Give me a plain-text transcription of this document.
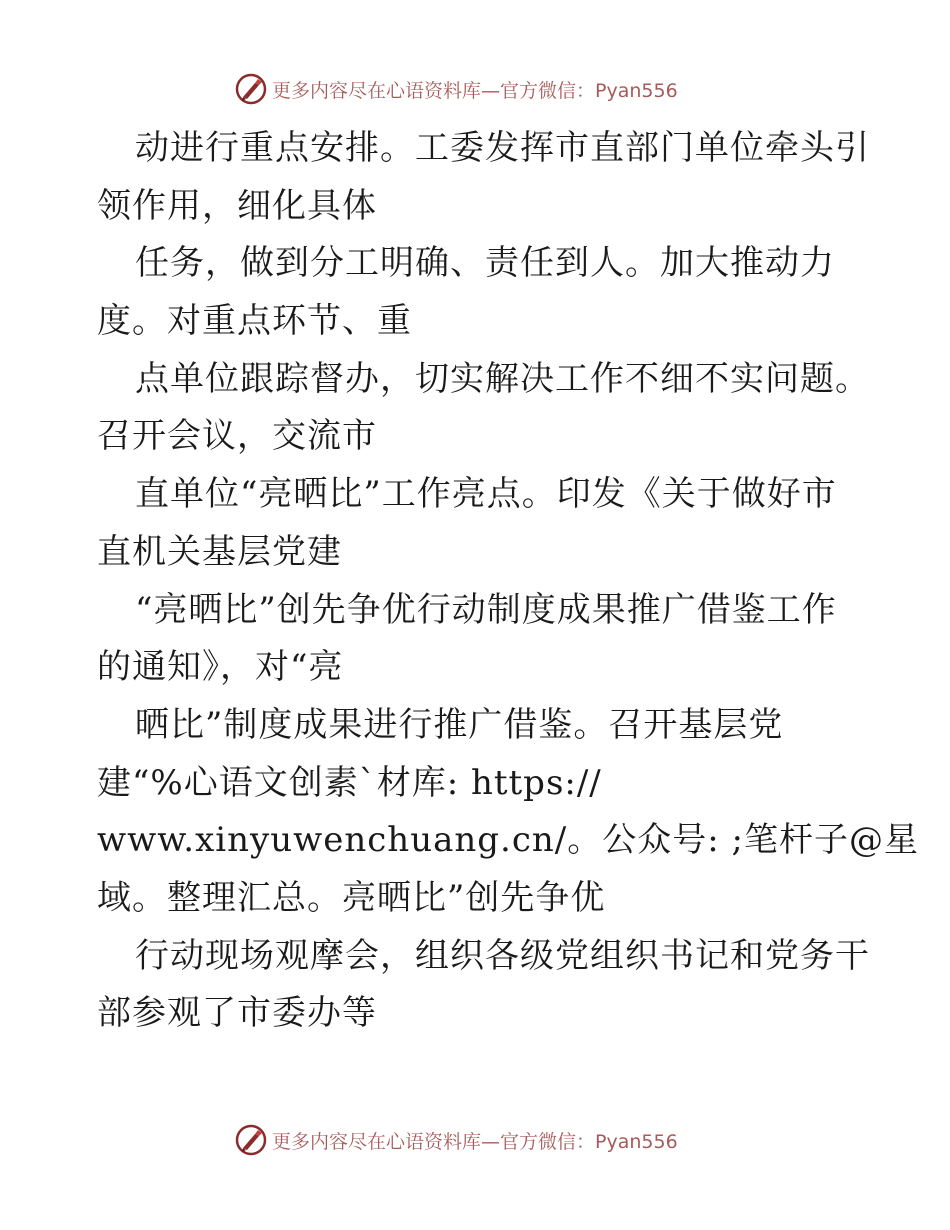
更多内容尽在心语资料库—官方微信：Pyan556
动进行重点安排。工委发挥市直部门单位牵头引
领作用，细化具体
任务，做到分工明确、责任到人。加大推动力
度。对重点环节、重
点单位跟踪督办，切实解决工作不细不实问题。
召开会议，交流市
直单位“亮晒比”工作亮点。印发《关于做好市
直机关基层党建
“亮晒比”创先争优行动制度成果推广借鉴工作
的通知》，对“亮
晒比”制度成果进行推广借鉴。召开基层党
建“%心语文创素`材库: https://
www.xinyuwenchuang.cn/。公众号: ;笔杆子@星
域。整理汇总。亮晒比”创先争优
行动现场观摩会，组织各级党组织书记和党务干
部参观了市委办等
更多内容尽在心语资料库—官方微信：Pyan556
